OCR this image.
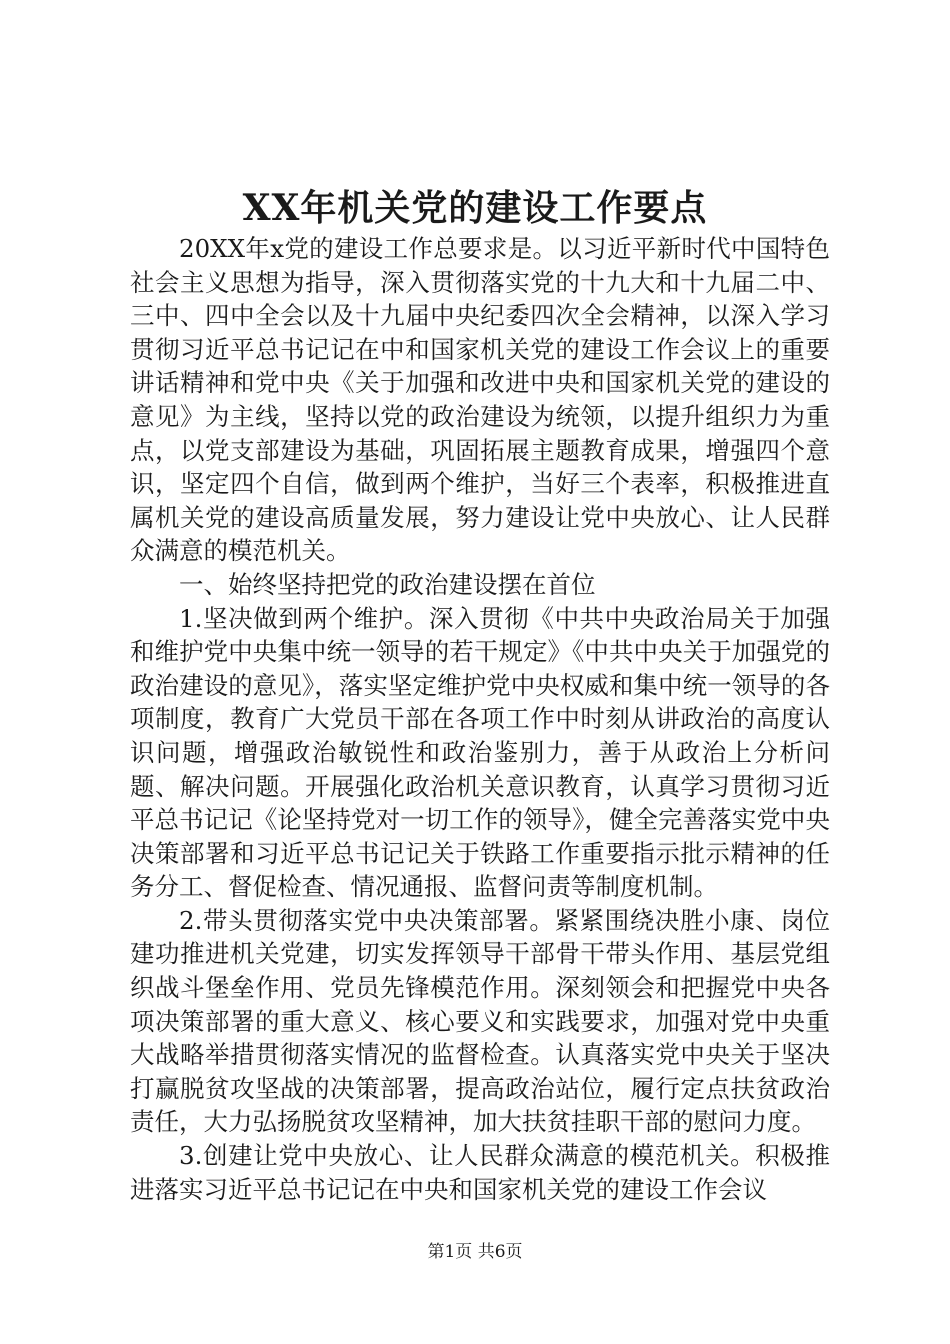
XX年机关党的建设工作要点

20XX年x党的建设工作总要求是。以习近平新时代中国特色社会主义思想为指导，深入贯彻落实党的十九大和十九届二中、三中、四中全会以及十九届中央纪委四次全会精神，以深入学习贯彻习近平总书记记在中和国家机关党的建设工作会议上的重要讲话精神和党中央《关于加强和改进中央和国家机关党的建设的意见》为主线，坚持以党的政治建设为统领，以提升组织力为重点，以党支部建设为基础，巩固拓展主题教育成果，增强四个意识，坚定四个自信，做到两个维护，当好三个表率，积极推进直属机关党的建设高质量发展，努力建设让党中央放心、让人民群众满意的模范机关。

一、始终坚持把党的政治建设摆在首位

1.坚决做到两个维护。深入贯彻《中共中央政治局关于加强和维护党中央集中统一领导的若干规定》《中共中央关于加强党的政治建设的意见》，落实坚定维护党中央权威和集中统一领导的各项制度，教育广大党员干部在各项工作中时刻从讲政治的高度认识问题，增强政治敏锐性和政治鉴别力，善于从政治上分析问题、解决问题。开展强化政治机关意识教育，认真学习贯彻习近平总书记记《论坚持党对一切工作的领导》，健全完善落实党中央决策部署和习近平总书记记关于铁路工作重要指示批示精神的任务分工、督促检查、情况通报、监督问责等制度机制。

2.带头贯彻落实党中央决策部署。紧紧围绕决胜小康、岗位建功推进机关党建，切实发挥领导干部骨干带头作用、基层党组织战斗堡垒作用、党员先锋模范作用。深刻领会和把握党中央各项决策部署的重大意义、核心要义和实践要求，加强对党中央重大战略举措贯彻落实情况的监督检查。认真落实党中央关于坚决打赢脱贫攻坚战的决策部署，提高政治站位，履行定点扶贫政治责任，大力弘扬脱贫攻坚精神，加大扶贫挂职干部的慰问力度。

3.创建让党中央放心、让人民群众满意的模范机关。积极推进落实习近平总书记记在中央和国家机关党的建设工作会议

第1页 共6页
